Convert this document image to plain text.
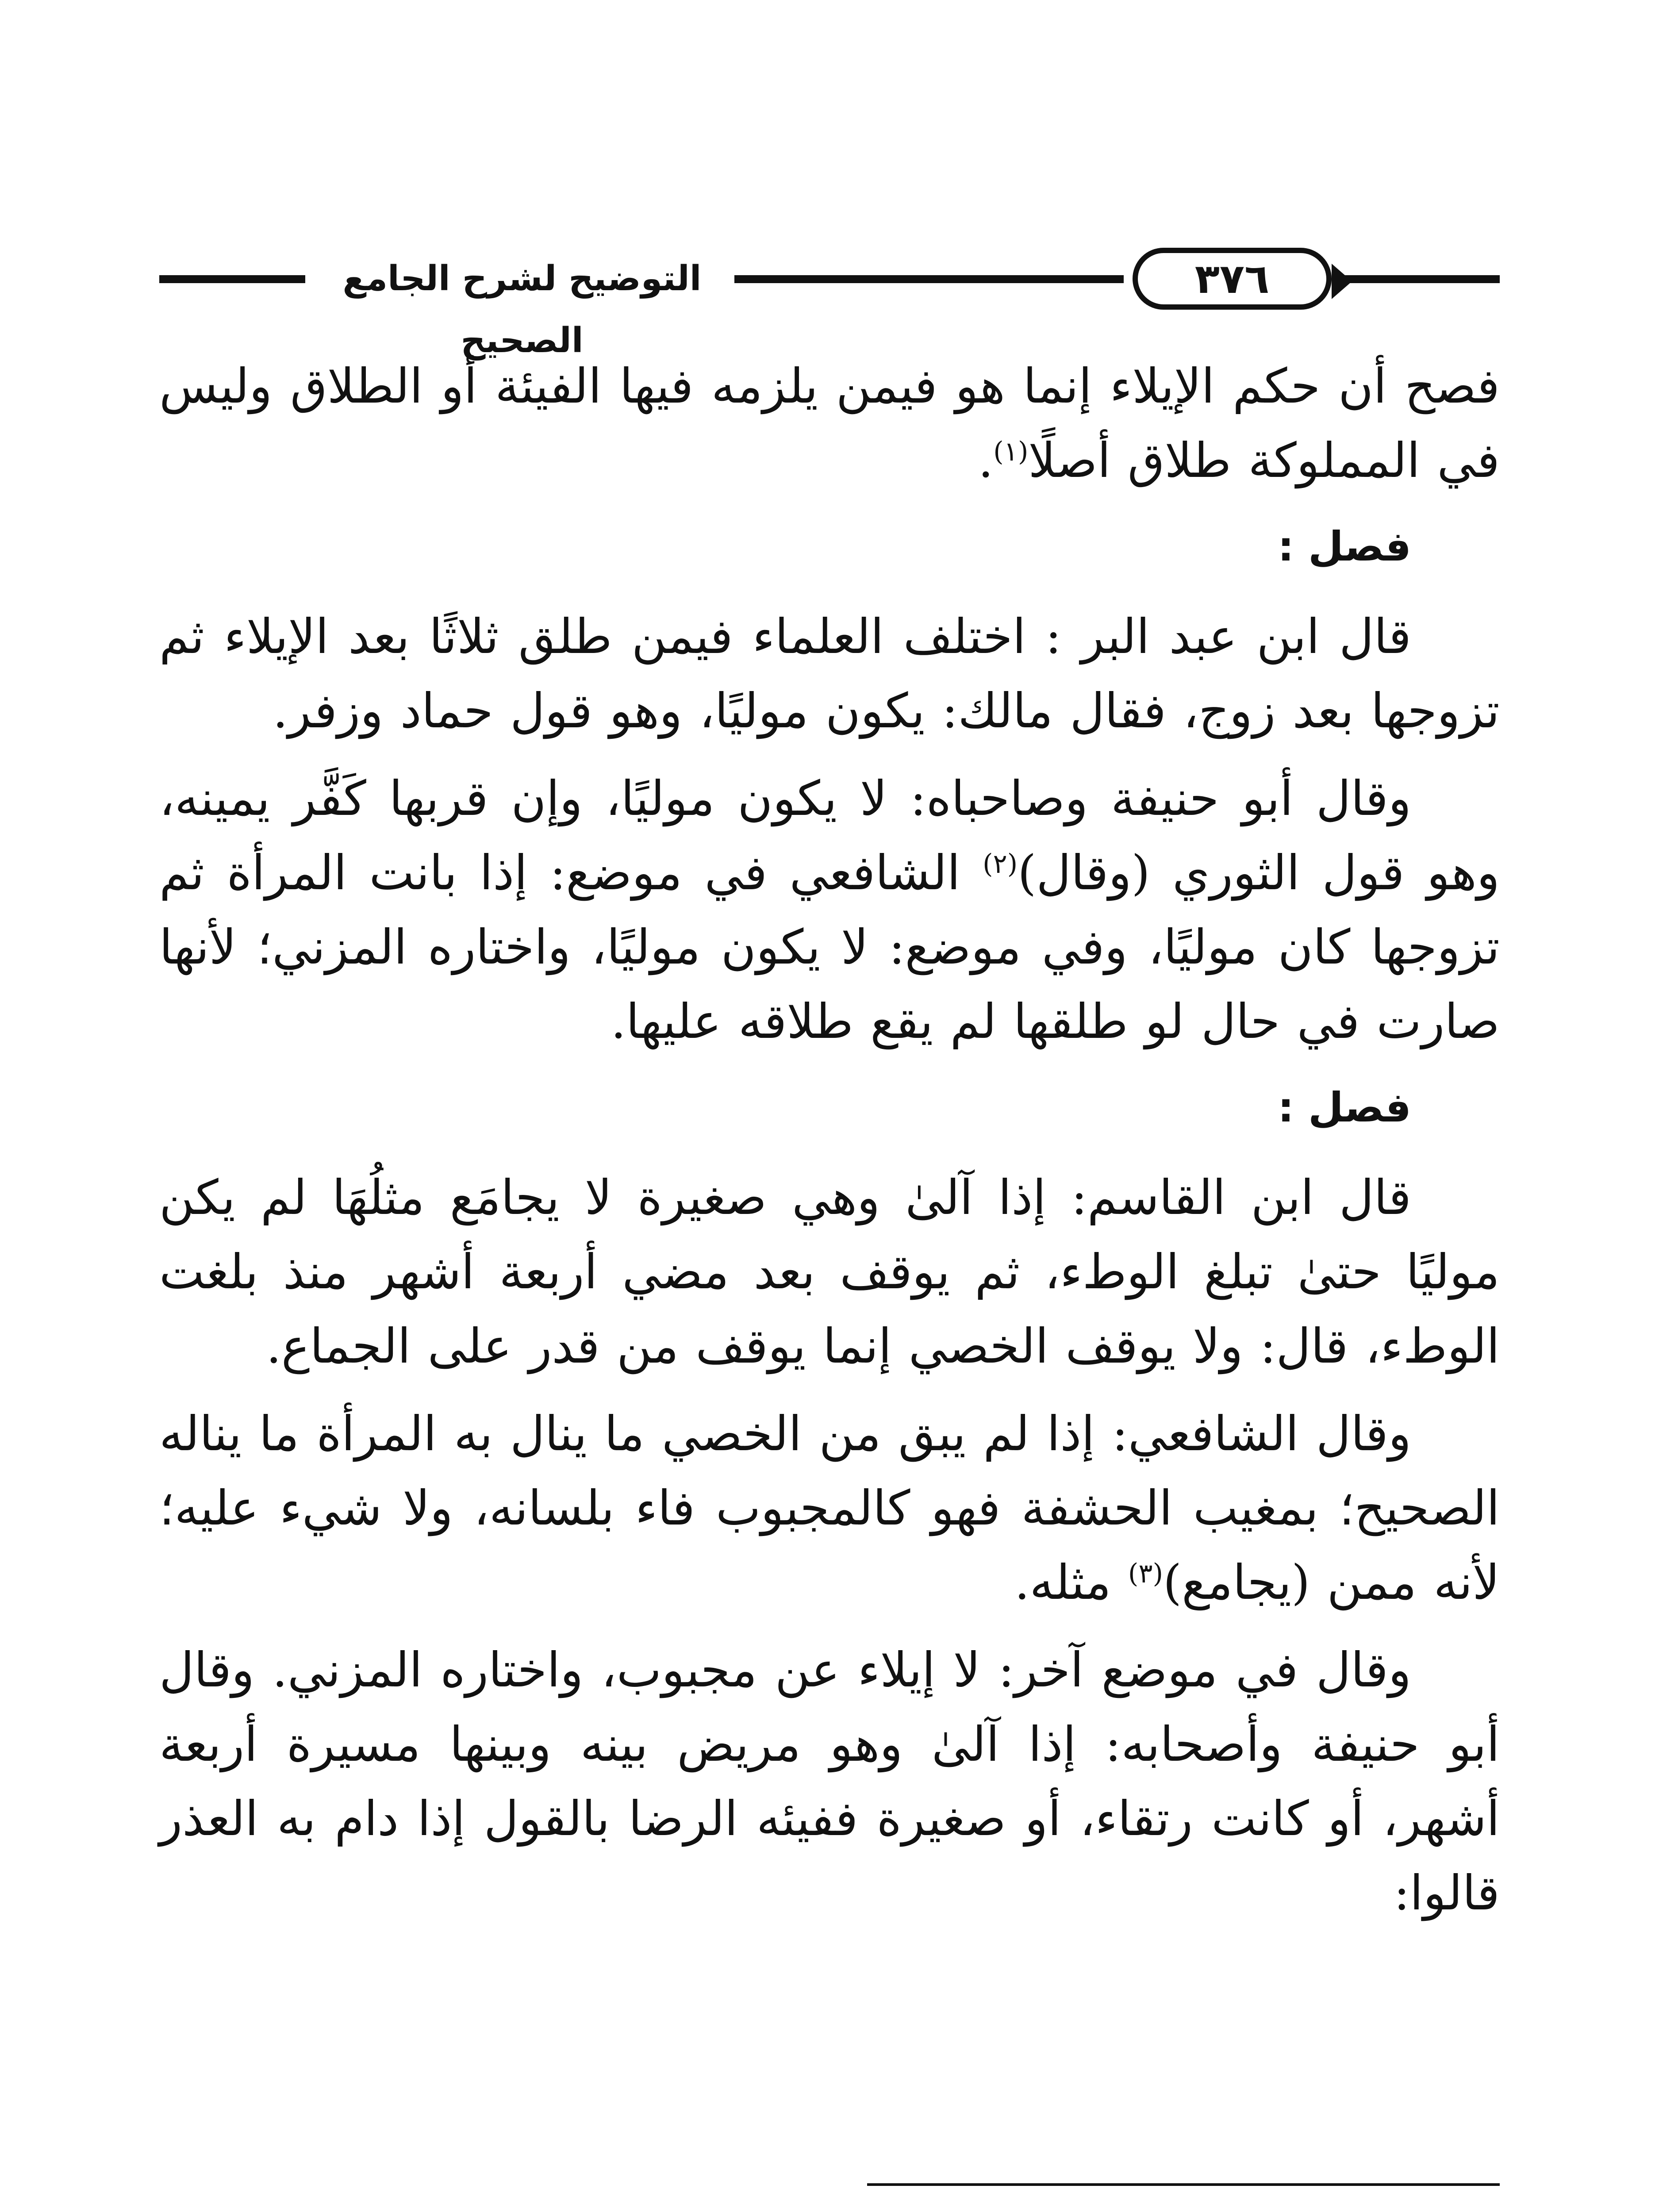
التوضيح لشرح الجامع الصحيح
٣٧٦

فصح أن حكم الإيلاء إنما هو فيمن يلزمه فيها الفيئة أو الطلاق وليس في المملوكة طلاق أصلًا$^{(١)}$.

فصل :

قال ابن عبد البر : اختلف العلماء فيمن طلق ثلاثًا بعد الإيلاء ثم تزوجها بعد زوج، فقال مالك: يكون موليًا، وهو قول حماد وزفر.

وقال أبو حنيفة وصاحباه: لا يكون موليًا، وإن قربها كَفَّر يمينه، وهو قول الثوري (وقال)$^{(٢)}$ الشافعي في موضع: إذا بانت المرأة ثم تزوجها كان موليًا، وفي موضع: لا يكون موليًا، واختاره المزني؛ لأنها صارت في حال لو طلقها لم يقع طلاقه عليها.

فصل :

قال ابن القاسم: إذا آلىٰ وهي صغيرة لا يجامَع مثلُهَا لم يكن موليًا حتىٰ تبلغ الوطء، ثم يوقف بعد مضي أربعة أشهر منذ بلغت الوطء، قال: ولا يوقف الخصي إنما يوقف من قدر على الجماع.

وقال الشافعي: إذا لم يبق من الخصي ما ينال به المرأة ما يناله الصحيح؛ بمغيب الحشفة فهو كالمجبوب فاء بلسانه، ولا شيء عليه؛ لأنه ممن (يجامع)$^{(٣)}$ مثله.

وقال في موضع آخر: لا إيلاء عن مجبوب، واختاره المزني. وقال أبو حنيفة وأصحابه: إذا آلىٰ وهو مريض بينه وبينها مسيرة أربعة أشهر، أو كانت رتقاء، أو صغيرة ففيئه الرضا بالقول إذا دام به العذر قالوا:
